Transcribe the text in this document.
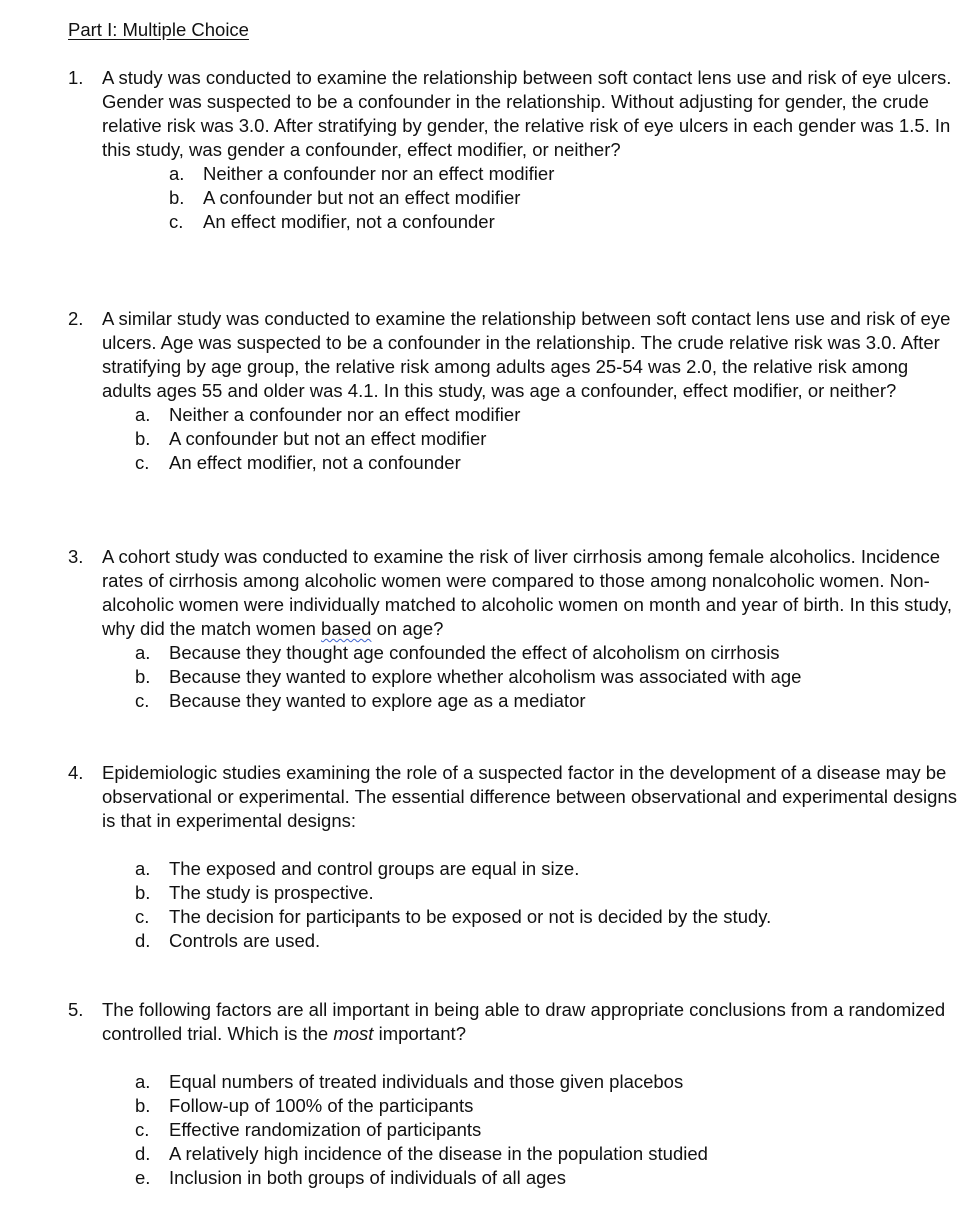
Part I: Multiple Choice
1.	A study was conducted to examine the relationship between soft contact lens use and risk of eye ulcers. Gender was suspected to be a confounder in the relationship. Without adjusting for gender, the crude relative risk was 3.0. After stratifying by gender, the relative risk of eye ulcers in each gender was 1.5. In this study, was gender a confounder, effect modifier, or neither?
a. Neither a confounder nor an effect modifier
b. A confounder but not an effect modifier
c. An effect modifier, not a confounder
2.	A similar study was conducted to examine the relationship between soft contact lens use and risk of eye ulcers. Age was suspected to be a confounder in the relationship. The crude relative risk was 3.0. After stratifying by age group, the relative risk among adults ages 25-54 was 2.0, the relative risk among adults ages 55 and older was 4.1. In this study, was age a confounder, effect modifier, or neither?
a. Neither a confounder nor an effect modifier
b. A confounder but not an effect modifier
c. An effect modifier, not a confounder
3.	A cohort study was conducted to examine the risk of liver cirrhosis among female alcoholics. Incidence rates of cirrhosis among alcoholic women were compared to those among nonalcoholic women. Non-alcoholic women were individually matched to alcoholic women on month and year of birth. In this study, why did the match women based on age?
a. Because they thought age confounded the effect of alcoholism on cirrhosis
b. Because they wanted to explore whether alcoholism was associated with age
c. Because they wanted to explore age as a mediator
4.	Epidemiologic studies examining the role of a suspected factor in the development of a disease may be observational or experimental. The essential difference between observational and experimental designs is that in experimental designs:
a. The exposed and control groups are equal in size.
b. The study is prospective.
c. The decision for participants to be exposed or not is decided by the study.
d. Controls are used.
5.	The following factors are all important in being able to draw appropriate conclusions from a randomized controlled trial. Which is the most important?
a. Equal numbers of treated individuals and those given placebos
b. Follow-up of 100% of the participants
c. Effective randomization of participants
d. A relatively high incidence of the disease in the population studied
e. Inclusion in both groups of individuals of all ages
